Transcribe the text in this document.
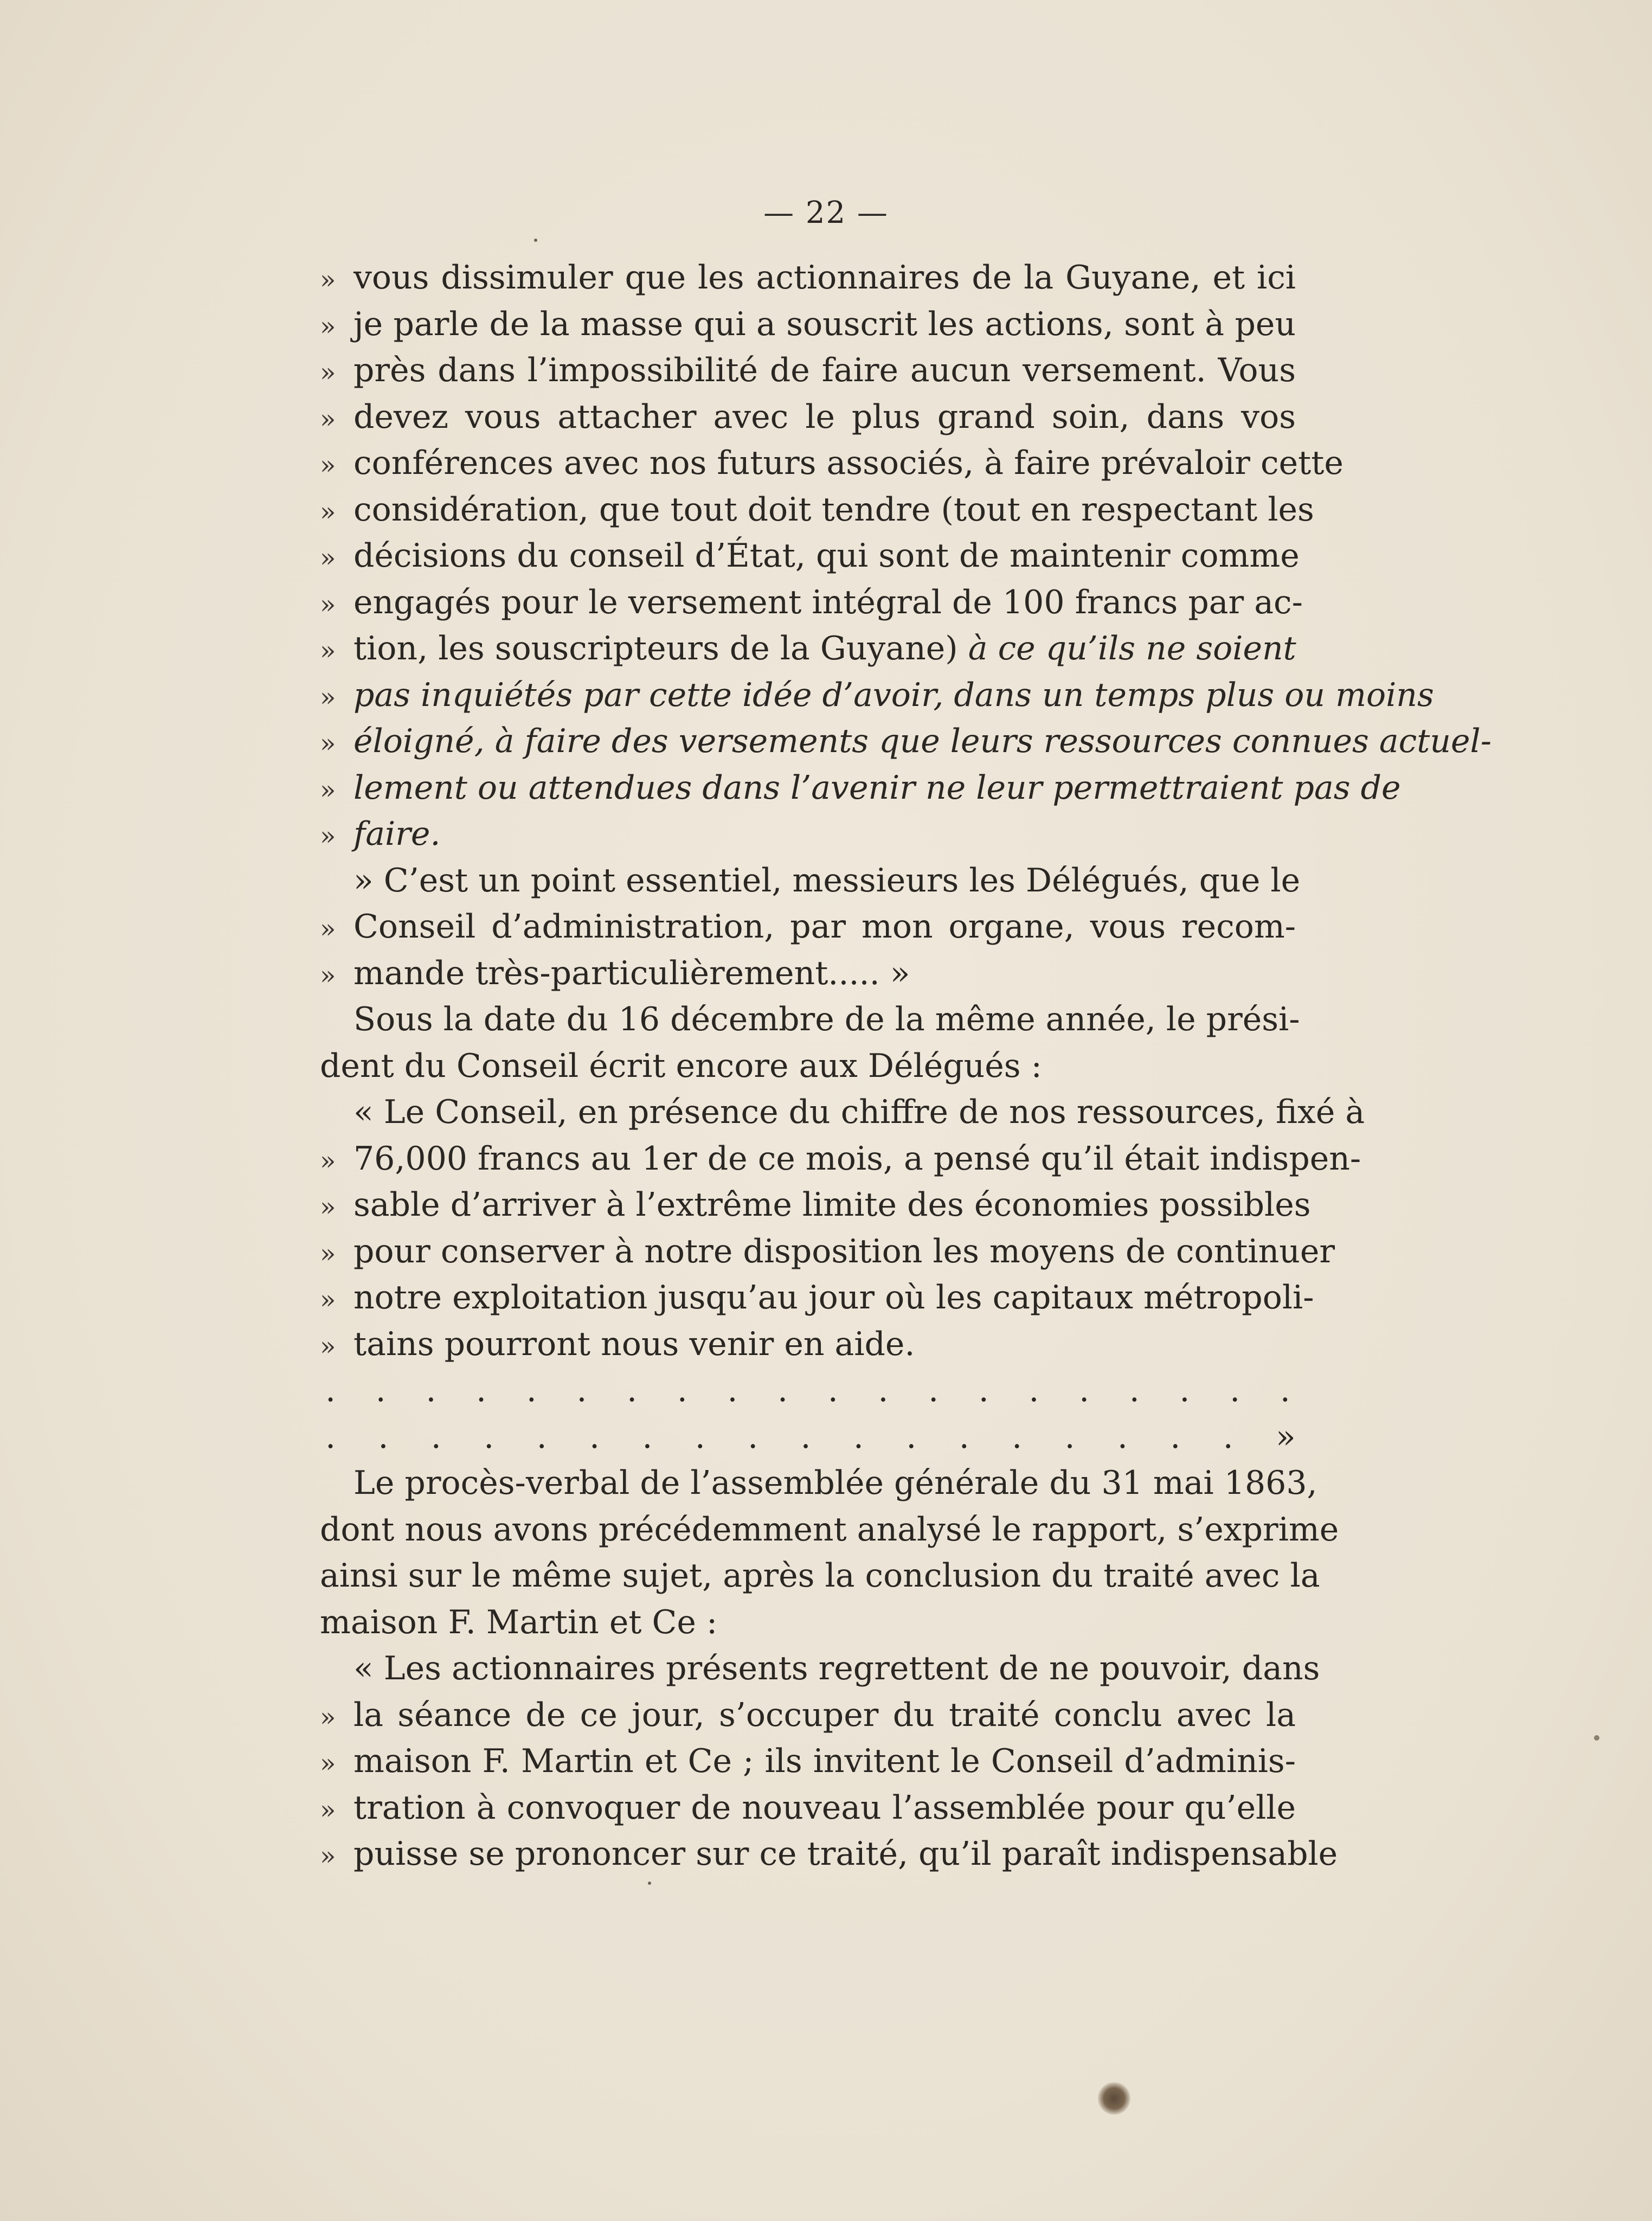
— 22 —
» vous dissimuler que les actionnaires de la Guyane, et ici
» je parle de la masse qui a souscrit les actions, sont à peu
» près dans l’impossibilité de faire aucun versement. Vous
» devez vous attacher avec le plus grand soin, dans vos
» conférences avec nos futurs associés, à faire prévaloir cette
» considération, que tout doit tendre (tout en respectant les
» décisions du conseil d’État, qui sont de maintenir comme
» engagés pour le versement intégral de 100 francs par ac-
» tion, les souscripteurs de la Guyane) à ce qu’ils ne soient
» pas inquiétés par cette idée d’avoir, dans un temps plus ou moins
» éloigné, à faire des versements que leurs ressources connues actuel-
» lement ou attendues dans l’avenir ne leur permettraient pas de
» faire.
» C’est un point essentiel, messieurs les Délégués, que le
» Conseil d’administration, par mon organe, vous recom-
» mande très-particulièrement..... »
Sous la date du 16 décembre de la même année, le prési-
dent du Conseil écrit encore aux Délégués :
« Le Conseil, en présence du chiffre de nos ressources, fixé à
» 76,000 francs au 1er de ce mois, a pensé qu’il était indispen-
» sable d’arriver à l’extrême limite des économies possibles
» pour conserver à notre disposition les moyens de continuer
» notre exploitation jusqu’au jour où les capitaux métropoli-
» tains pourront nous venir en aide.
. . . . . . . . . . . . . . . . . . . .
. . . . . . . . . . . . . . . . . . »
Le procès-verbal de l’assemblée générale du 31 mai 1863,
dont nous avons précédemment analysé le rapport, s’exprime
ainsi sur le même sujet, après la conclusion du traité avec la
maison F. Martin et Ce :
« Les actionnaires présents regrettent de ne pouvoir, dans
» la séance de ce jour, s’occuper du traité conclu avec la
» maison F. Martin et Ce ; ils invitent le Conseil d’adminis-
» tration à convoquer de nouveau l’assemblée pour qu’elle
» puisse se prononcer sur ce traité, qu’il paraît indispensable
